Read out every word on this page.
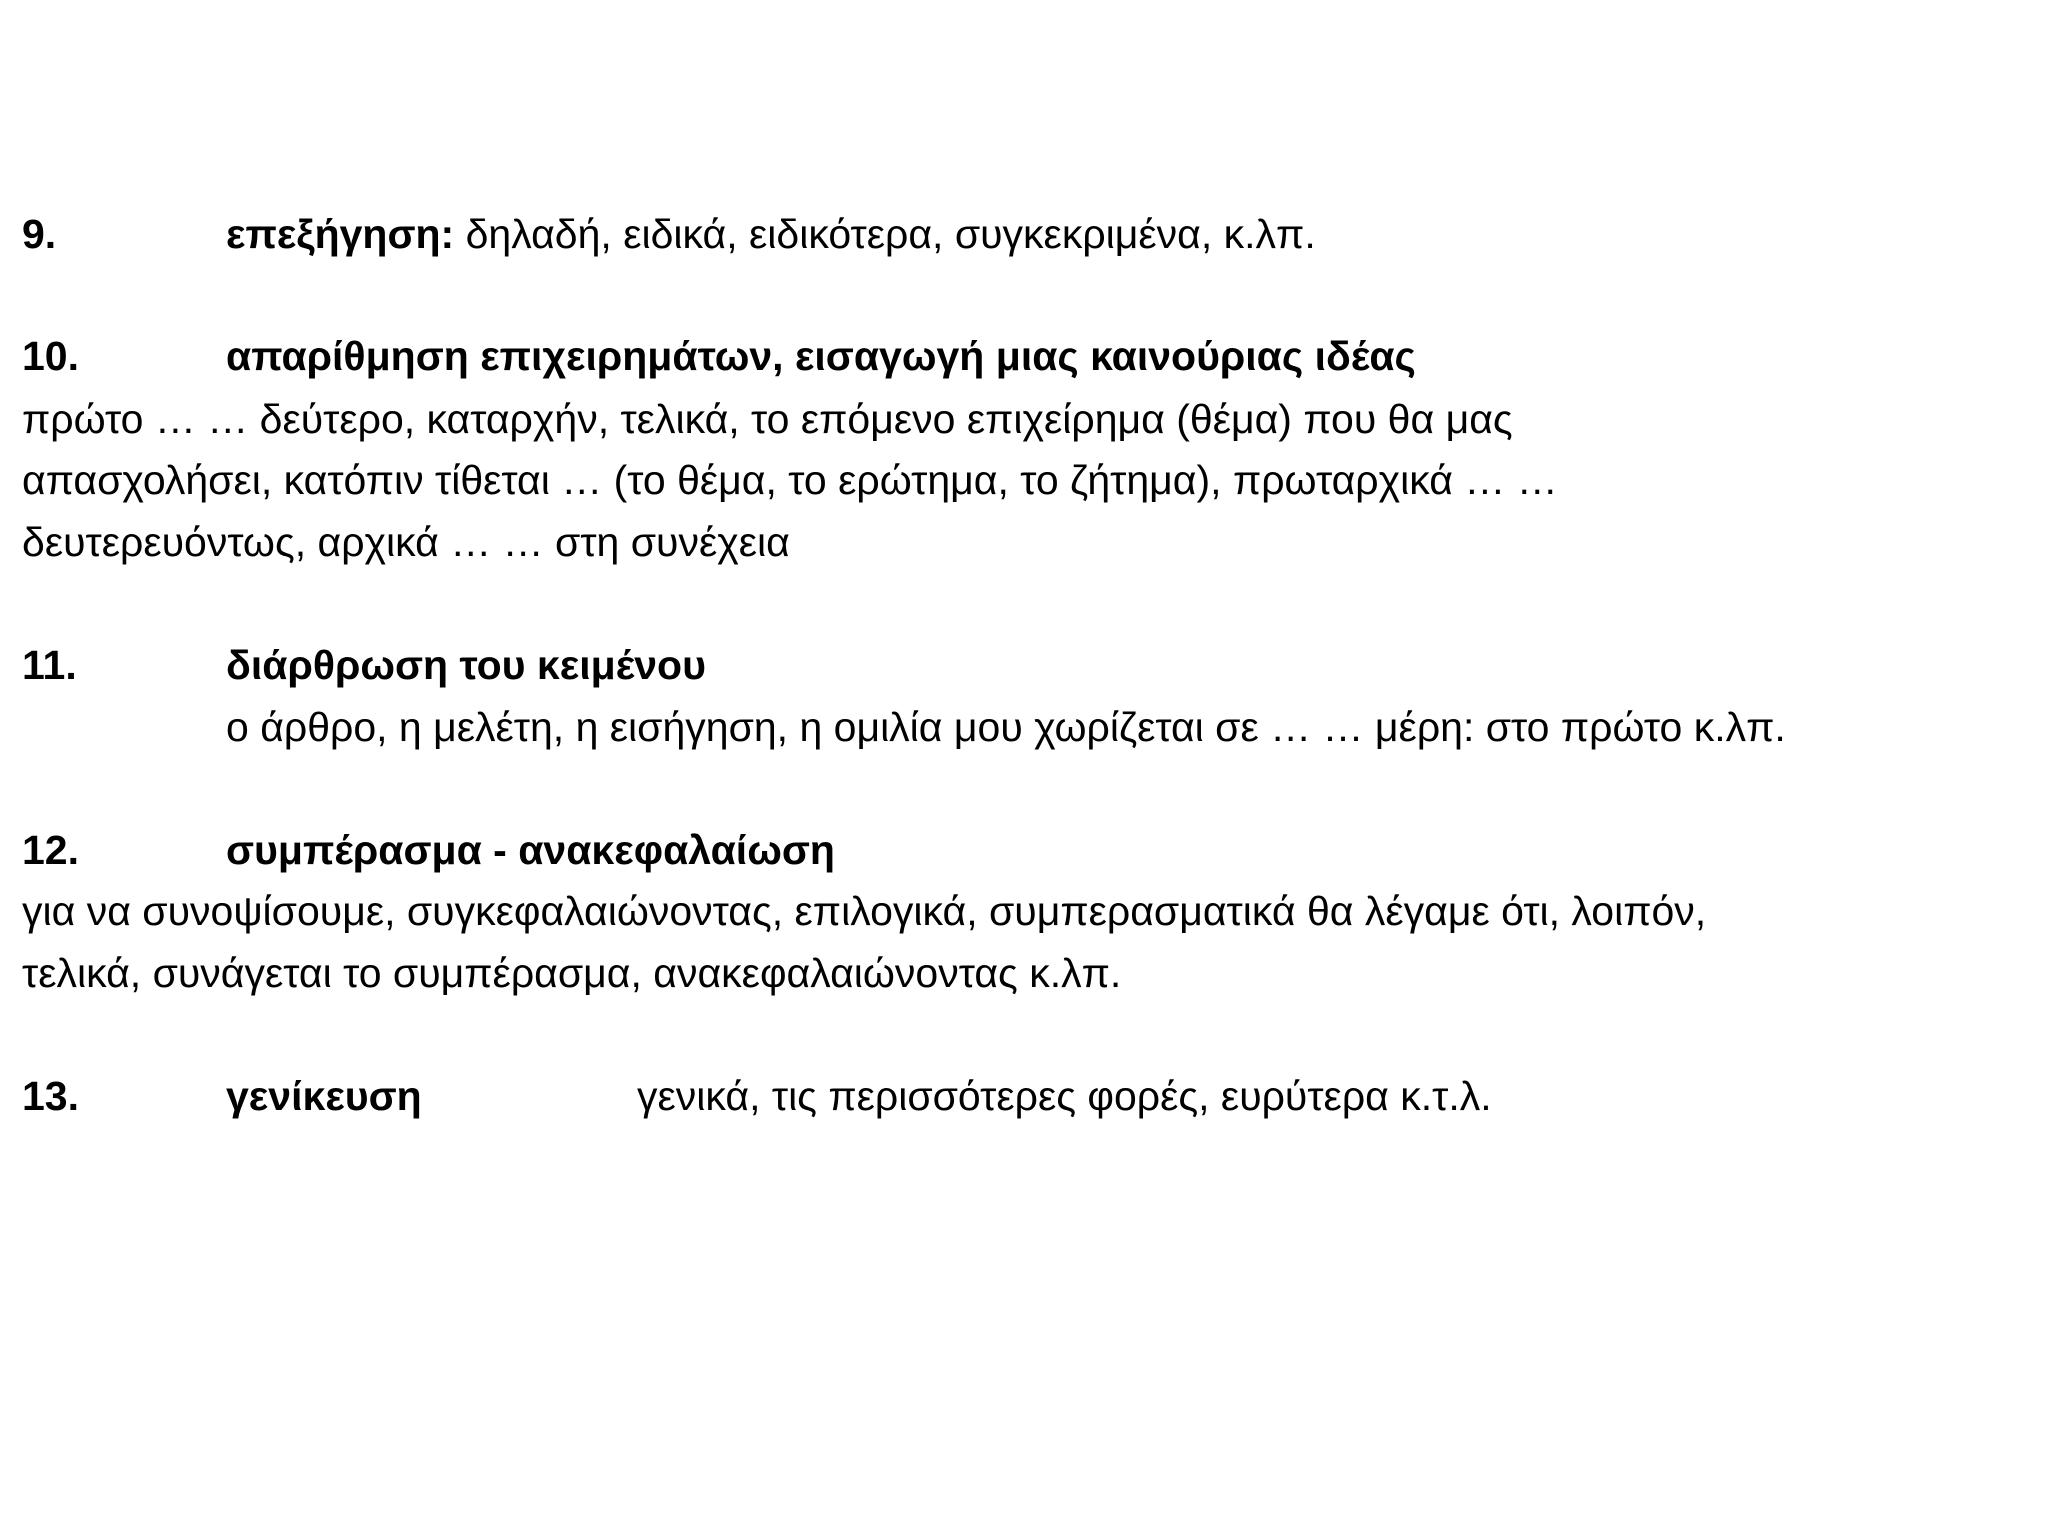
9.	επεξήγηση: δηλαδή, ειδικά, ειδικότερα, συγκεκριμένα, κ.λπ.
10.	απαρίθμηση επιχειρημάτων, εισαγωγή μιας καινούριας ιδέας
πρώτο … … δεύτερο, καταρχήν, τελικά, το επόμενο επιχείρημα (θέμα) που θα μας
απασχολήσει, κατόπιν τίθεται … (το θέμα, το ερώτημα, το ζήτημα), πρωταρχικά … …
δευτερευόντως, αρχικά … … στη συνέχεια
11.	διάρθρωση του κειμένου
ο άρθρο, η μελέτη, η εισήγηση, η ομιλία μου χωρίζεται σε … … μέρη: στο πρώτο κ.λπ.
12.	συμπέρασμα - ανακεφαλαίωση
για να συνοψίσουμε, συγκεφαλαιώνοντας, επιλογικά, συμπερασματικά θα λέγαμε ότι, λοιπόν,
τελικά, συνάγεται το συμπέρασμα, ανακεφαλαιώνοντας κ.λπ.
13.	γενίκευση	γενικά, τις περισσότερες φορές, ευρύτερα κ.τ.λ.
